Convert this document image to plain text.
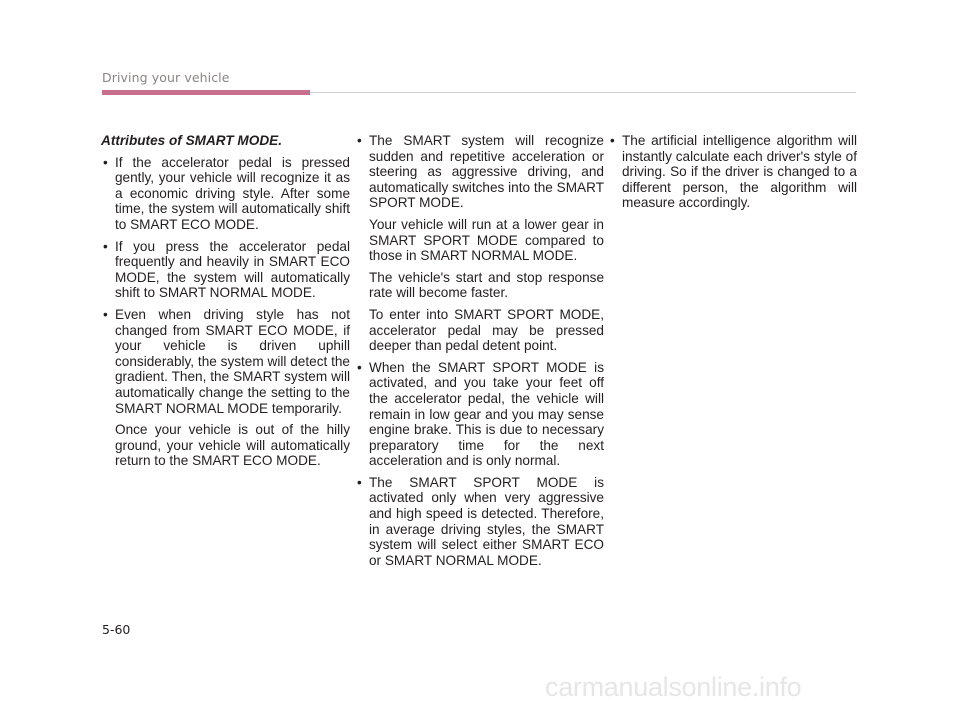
Driving your vehicle
Attributes of SMART MODE.
• If the accelerator pedal is pressed gently, your vehicle will recognize it as a economic driving style. After some time, the system will automatically shift to SMART ECO MODE.

• If you press the accelerator pedal frequently and heavily in SMART ECO MODE, the system will automatically shift to SMART NORMAL MODE.

• Even when driving style has not changed from SMART ECO MODE, if your vehicle is driven uphill considerably, the system will detect the gradient. Then, the SMART system will automatically change the setting to the SMART NORMAL MODE temporarily.

Once your vehicle is out of the hilly ground, your vehicle will automatically return to the SMART ECO MODE.

• The SMART system will recognize sudden and repetitive acceleration or steering as aggressive driving, and automatically switches into the SMART SPORT MODE.

Your vehicle will run at a lower gear in SMART SPORT MODE compared to those in SMART NORMAL MODE.

The vehicle's start and stop response rate will become faster.

To enter into SMART SPORT MODE, accelerator pedal may be pressed deeper than pedal detent point.

• When the SMART SPORT MODE is activated, and you take your feet off the accelerator pedal, the vehicle will remain in low gear and you may sense engine brake. This is due to necessary preparatory time for the next acceleration and is only normal.

• The SMART SPORT MODE is activated only when very aggressive and high speed is detected. Therefore, in average driving styles, the SMART system will select either SMART ECO or SMART NORMAL MODE.

• The artificial intelligence algorithm will instantly calculate each driver's style of driving. So if the driver is changed to a different person, the algorithm will measure accordingly.

5-60
carmanualsonline.info
